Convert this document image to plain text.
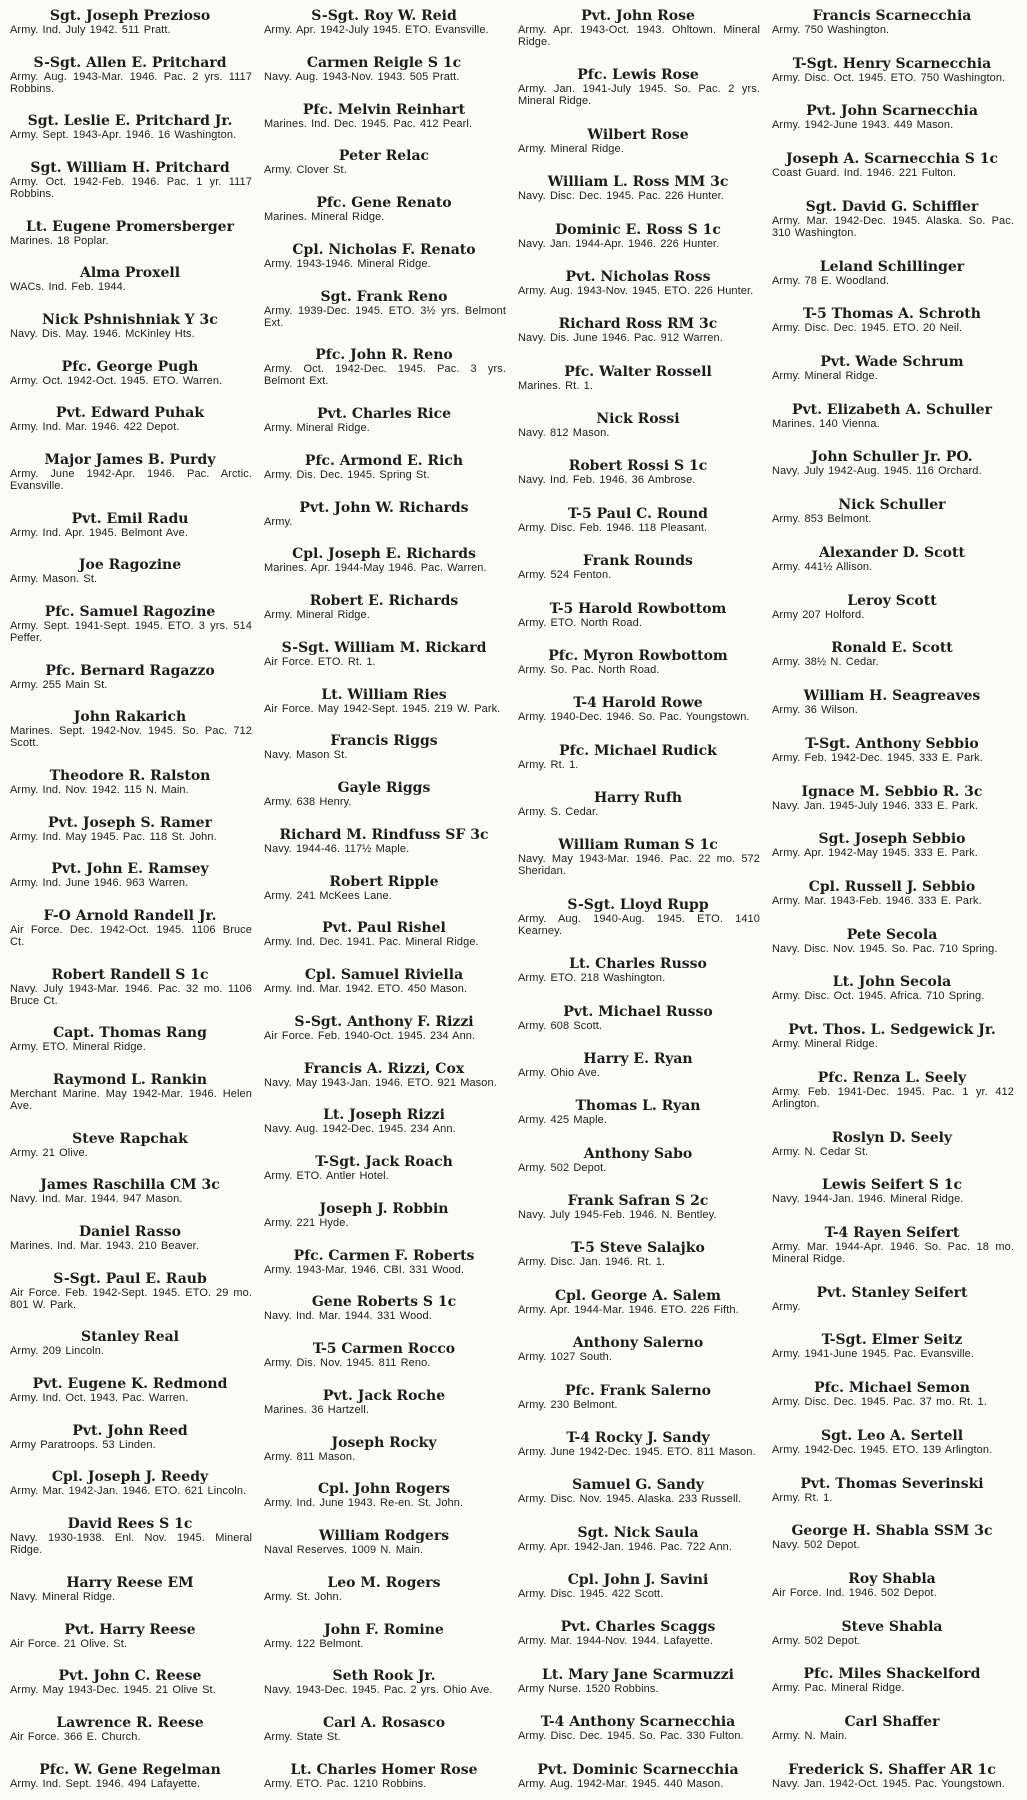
Sgt. Joseph Prezioso
Army. Ind. July 1942. 511 Pratt.
S-Sgt. Allen E. Pritchard
Army. Aug. 1943-Mar. 1946. Pac. 2 yrs. 1117 Robbins.
Sgt. Leslie E. Pritchard Jr.
Army. Sept. 1943-Apr. 1946. 16 Washington.
Sgt. William H. Pritchard
Army. Oct. 1942-Feb. 1946. Pac. 1 yr. 1117 Robbins.
Lt. Eugene Promersberger
Marines. 18 Poplar.
Alma Proxell
WACs. Ind. Feb. 1944.
Nick Pshnishniak Y 3c
Navy. Dis. May. 1946. McKinley Hts.
Pfc. George Pugh
Army. Oct. 1942-Oct. 1945. ETO. Warren.
Pvt. Edward Puhak
Army. Ind. Mar. 1946. 422 Depot.
Major James B. Purdy
Army. June 1942-Apr. 1946. Pac. Arctic. Evansville.
Pvt. Emil Radu
Army. Ind. Apr. 1945. Belmont Ave.
Joe Ragozine
Army. Mason. St.
Pfc. Samuel Ragozine
Army. Sept. 1941-Sept. 1945. ETO. 3 yrs. 514 Peffer.
Pfc. Bernard Ragazzo
Army. 255 Main St.
John Rakarich
Marines. Sept. 1942-Nov. 1945. So. Pac. 712 Scott.
Theodore R. Ralston
Army. Ind. Nov. 1942. 115 N. Main.
Pvt. Joseph S. Ramer
Army. Ind. May 1945. Pac. 118 St. John.
Pvt. John E. Ramsey
Army. Ind. June 1946. 963 Warren.
F-O Arnold Randell Jr.
Air Force. Dec. 1942-Oct. 1945. 1106 Bruce Ct.
Robert Randell S 1c
Navy. July 1943-Mar. 1946. Pac. 32 mo. 1106 Bruce Ct.
Capt. Thomas Rang
Army. ETO. Mineral Ridge.
Raymond L. Rankin
Merchant Marine. May 1942-Mar. 1946. Helen Ave.
Steve Rapchak
Army. 21 Olive.
James Raschilla CM 3c
Navy. Ind. Mar. 1944. 947 Mason.
Daniel Rasso
Marines. Ind. Mar. 1943. 210 Beaver.
S-Sgt. Paul E. Raub
Air Force. Feb. 1942-Sept. 1945. ETO. 29 mo. 801 W. Park.
Stanley Real
Army. 209 Lincoln.
Pvt. Eugene K. Redmond
Army. Ind. Oct. 1943. Pac. Warren.
Pvt. John Reed
Army Paratroops. 53 Linden.
Cpl. Joseph J. Reedy
Army. Mar. 1942-Jan. 1946. ETO. 621 Lincoln.
David Rees S 1c
Navy. 1930-1938. Enl. Nov. 1945. Mineral Ridge.
Harry Reese EM
Navy. Mineral Ridge.
Pvt. Harry Reese
Air Force. 21 Olive. St.
Pvt. John C. Reese
Army. May 1943-Dec. 1945. 21 Olive St.
Lawrence R. Reese
Air Force. 366 E. Church.
Pfc. W. Gene Regelman
Army. Ind. Sept. 1946. 494 Lafayette.
S-Sgt. Roy W. Reid
Army. Apr. 1942-July 1945. ETO. Evansville.
Carmen Reigle S 1c
Navy. Aug. 1943-Nov. 1943. 505 Pratt.
Pfc. Melvin Reinhart
Marines. Ind. Dec. 1945. Pac. 412 Pearl.
Peter Relac
Army. Clover St.
Pfc. Gene Renato
Marines. Mineral Ridge.
Cpl. Nicholas F. Renato
Army. 1943-1946. Mineral Ridge.
Sgt. Frank Reno
Army. 1939-Dec. 1945. ETO. 3½ yrs. Belmont Ext.
Pfc. John R. Reno
Army. Oct. 1942-Dec. 1945. Pac. 3 yrs. Belmont Ext.
Pvt. Charles Rice
Army. Mineral Ridge.
Pfc. Armond E. Rich
Army. Dis. Dec. 1945. Spring St.
Pvt. John W. Richards
Army.
Cpl. Joseph E. Richards
Marines. Apr. 1944-May 1946. Pac. Warren.
Robert E. Richards
Army. Mineral Ridge.
S-Sgt. William M. Rickard
Air Force. ETO. Rt. 1.
Lt. William Ries
Air Force. May 1942-Sept. 1945. 219 W. Park.
Francis Riggs
Navy. Mason St.
Gayle Riggs
Army. 638 Henry.
Richard M. Rindfuss SF 3c
Navy. 1944-46. 117½ Maple.
Robert Ripple
Army. 241 McKees Lane.
Pvt. Paul Rishel
Army. Ind. Dec. 1941. Pac. Mineral Ridge.
Cpl. Samuel Riviella
Army. Ind. Mar. 1942. ETO. 450 Mason.
S-Sgt. Anthony F. Rizzi
Air Force. Feb. 1940-Oct. 1945. 234 Ann.
Francis A. Rizzi, Cox
Navy. May 1943-Jan. 1946. ETO. 921 Mason.
Lt. Joseph Rizzi
Navy. Aug. 1942-Dec. 1945. 234 Ann.
T-Sgt. Jack Roach
Army. ETO. Antler Hotel.
Joseph J. Robbin
Army. 221 Hyde.
Pfc. Carmen F. Roberts
Army. 1943-Mar. 1946. CBI. 331 Wood.
Gene Roberts S 1c
Navy. Ind. Mar. 1944. 331 Wood.
T-5 Carmen Rocco
Army. Dis. Nov. 1945. 811 Reno.
Pvt. Jack Roche
Marines. 36 Hartzell.
Joseph Rocky
Army. 811 Mason.
Cpl. John Rogers
Army. Ind. June 1943. Re-en. St. John.
William Rodgers
Naval Reserves. 1009 N. Main.
Leo M. Rogers
Army. St. John.
John F. Romine
Army. 122 Belmont.
Seth Rook Jr.
Navy. 1943-Dec. 1945. Pac. 2 yrs. Ohio Ave.
Carl A. Rosasco
Army. State St.
Lt. Charles Homer Rose
Army. ETO. Pac. 1210 Robbins.
Pvt. John Rose
Army. Apr. 1943-Oct. 1943. Ohltown. Mineral Ridge.
Pfc. Lewis Rose
Army. Jan. 1941-July 1945. So. Pac. 2 yrs. Mineral Ridge.
Wilbert Rose
Army. Mineral Ridge.
William L. Ross MM 3c
Navy. Disc. Dec. 1945. Pac. 226 Hunter.
Dominic E. Ross S 1c
Navy. Jan. 1944-Apr. 1946. 226 Hunter.
Pvt. Nicholas Ross
Army. Aug. 1943-Nov. 1945. ETO. 226 Hunter.
Richard Ross RM 3c
Navy. Dis. June 1946. Pac. 912 Warren.
Pfc. Walter Rossell
Marines. Rt. 1.
Nick Rossi
Navy. 812 Mason.
Robert Rossi S 1c
Navy. Ind. Feb. 1946. 36 Ambrose.
T-5 Paul C. Round
Army. Disc. Feb. 1946. 118 Pleasant.
Frank Rounds
Army. 524 Fenton.
T-5 Harold Rowbottom
Army. ETO. North Road.
Pfc. Myron Rowbottom
Army. So. Pac. North Road.
T-4 Harold Rowe
Army. 1940-Dec. 1946. So. Pac. Youngstown.
Pfc. Michael Rudick
Army. Rt. 1.
Harry Rufh
Army. S. Cedar.
William Ruman S 1c
Navy. May 1943-Mar. 1946. Pac. 22 mo. 572 Sheridan.
S-Sgt. Lloyd Rupp
Army. Aug. 1940-Aug. 1945. ETO. 1410 Kearney.
Lt. Charles Russo
Army. ETO. 218 Washington.
Pvt. Michael Russo
Army. 608 Scott.
Harry E. Ryan
Army. Ohio Ave.
Thomas L. Ryan
Army. 425 Maple.
Anthony Sabo
Army. 502 Depot.
Frank Safran S 2c
Navy. July 1945-Feb. 1946. N. Bentley.
T-5 Steve Salajko
Army. Disc. Jan. 1946. Rt. 1.
Cpl. George A. Salem
Army. Apr. 1944-Mar. 1946. ETO. 226 Fifth.
Anthony Salerno
Army. 1027 South.
Pfc. Frank Salerno
Army. 230 Belmont.
T-4 Rocky J. Sandy
Army. June 1942-Dec. 1945. ETO. 811 Mason.
Samuel G. Sandy
Army. Disc. Nov. 1945. Alaska. 233 Russell.
Sgt. Nick Saula
Army. Apr. 1942-Jan. 1946. Pac. 722 Ann.
Cpl. John J. Savini
Army. Disc. 1945. 422 Scott.
Pvt. Charles Scaggs
Army. Mar. 1944-Nov. 1944. Lafayette.
Lt. Mary Jane Scarmuzzi
Army Nurse. 1520 Robbins.
T-4 Anthony Scarnecchia
Army. Disc. Dec. 1945. So. Pac. 330 Fulton.
Pvt. Dominic Scarnecchia
Army. Aug. 1942-Mar. 1945. 440 Mason.
Francis Scarnecchia
Army. 750 Washington.
T-Sgt. Henry Scarnecchia
Army. Disc. Oct. 1945. ETO. 750 Washington.
Pvt. John Scarnecchia
Army. 1942-June 1943. 449 Mason.
Joseph A. Scarnecchia S 1c
Coast Guard. Ind. 1946. 221 Fulton.
Sgt. David G. Schiffler
Army. Mar. 1942-Dec. 1945. Alaska. So. Pac. 310 Washington.
Leland Schillinger
Army. 78 E. Woodland.
T-5 Thomas A. Schroth
Army. Disc. Dec. 1945. ETO. 20 Neil.
Pvt. Wade Schrum
Army. Mineral Ridge.
Pvt. Elizabeth A. Schuller
Marines. 140 Vienna.
John Schuller Jr. PO.
Navy. July 1942-Aug. 1945. 116 Orchard.
Nick Schuller
Army. 853 Belmont.
Alexander D. Scott
Army. 441½ Allison.
Leroy Scott
Army 207 Holford.
Ronald E. Scott
Army. 38½ N. Cedar.
William H. Seagreaves
Army. 36 Wilson.
T-Sgt. Anthony Sebbio
Army. Feb. 1942-Dec. 1945. 333 E. Park.
Ignace M. Sebbio R. 3c
Navy. Jan. 1945-July 1946. 333 E. Park.
Sgt. Joseph Sebbio
Army. Apr. 1942-May 1945. 333 E. Park.
Cpl. Russell J. Sebbio
Army. Mar. 1943-Feb. 1946. 333 E. Park.
Pete Secola
Navy. Disc. Nov. 1945. So. Pac. 710 Spring.
Lt. John Secola
Army. Disc. Oct. 1945. Africa. 710 Spring.
Pvt. Thos. L. Sedgewick Jr.
Army. Mineral Ridge.
Pfc. Renza L. Seely
Army. Feb. 1941-Dec. 1945. Pac. 1 yr. 412 Arlington.
Roslyn D. Seely
Army. N. Cedar St.
Lewis Seifert S 1c
Navy. 1944-Jan. 1946. Mineral Ridge.
T-4 Rayen Seifert
Army. Mar. 1944-Apr. 1946. So. Pac. 18 mo. Mineral Ridge.
Pvt. Stanley Seifert
Army.
T-Sgt. Elmer Seitz
Army. 1941-June 1945. Pac. Evansville.
Pfc. Michael Semon
Army. Disc. Dec. 1945. Pac. 37 mo. Rt. 1.
Sgt. Leo A. Sertell
Army. 1942-Dec. 1945. ETO. 139 Arlington.
Pvt. Thomas Severinski
Army. Rt. 1.
George H. Shabla SSM 3c
Navy. 502 Depot.
Roy Shabla
Air Force. Ind. 1946. 502 Depot.
Steve Shabla
Army. 502 Depot.
Pfc. Miles Shackelford
Army. Pac. Mineral Ridge.
Carl Shaffer
Army. N. Main.
Frederick S. Shaffer AR 1c
Navy. Jan. 1942-Oct. 1945. Pac. Youngstown.
